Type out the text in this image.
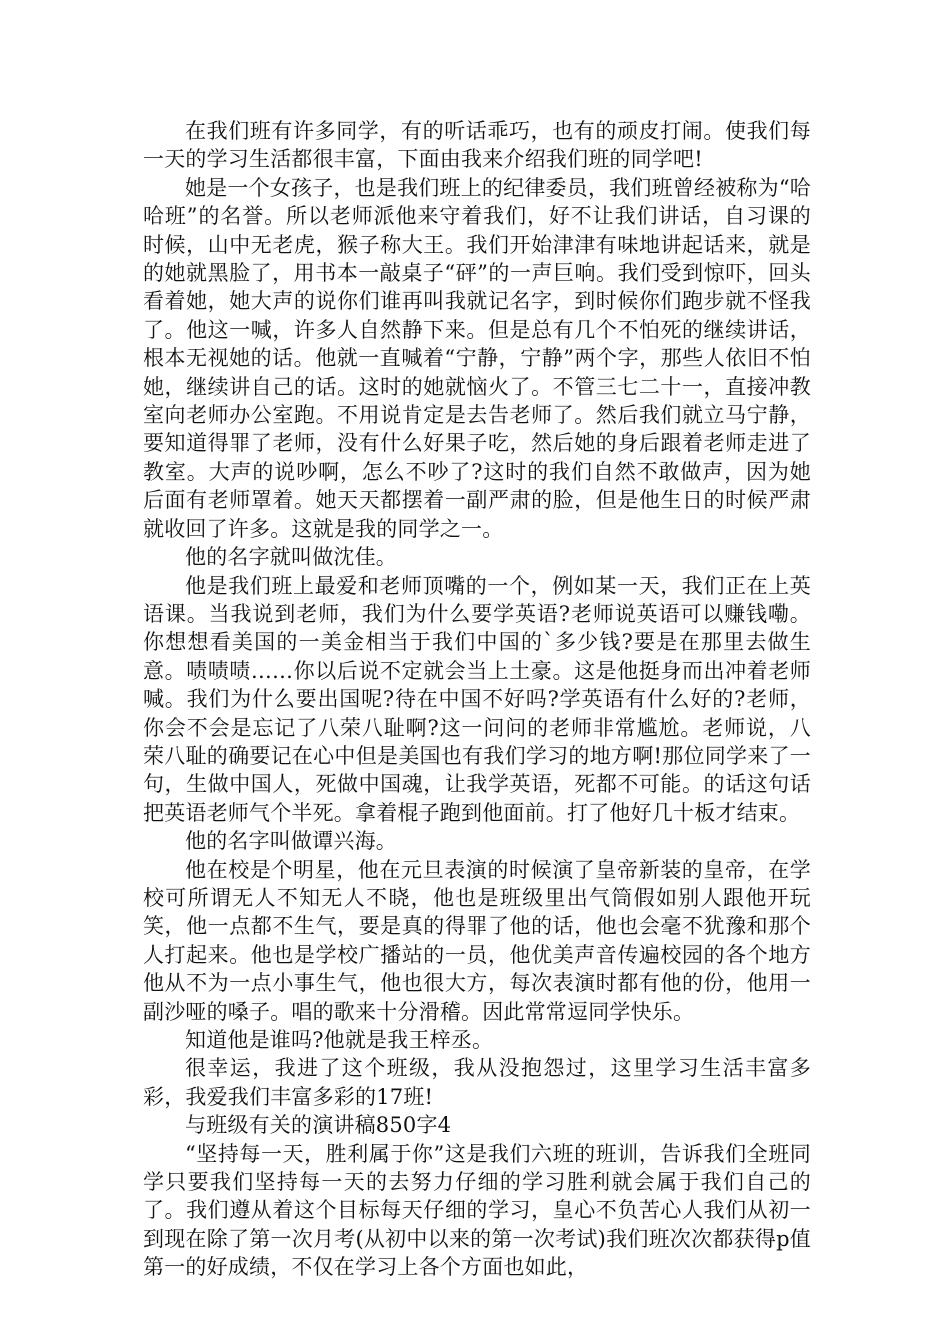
在我们班有许多同学，有的听话乖巧，也有的顽皮打闹。使我们每一天的学习生活都很丰富，下面由我来介绍我们班的同学吧!

她是一个女孩子，也是我们班上的纪律委员，我们班曾经被称为“哈哈班”的名誉。所以老师派他来守着我们，好不让我们讲话，自习课的时候，山中无老虎，猴子称大王。我们开始津津有味地讲起话来，就是的她就黑脸了，用书本一敲桌子“砰”的一声巨响。我们受到惊吓，回头看着她，她大声的说你们谁再叫我就记名字，到时候你们跑步就不怪我了。他这一喊，许多人自然静下来。但是总有几个不怕死的继续讲话，根本无视她的话。他就一直喊着“宁静，宁静”两个字，那些人依旧不怕她，继续讲自己的话。这时的她就恼火了。不管三七二十一，直接冲教室向老师办公室跑。不用说肯定是去告老师了。然后我们就立马宁静，要知道得罪了老师，没有什么好果子吃，然后她的身后跟着老师走进了教室。大声的说吵啊，怎么不吵了?这时的我们自然不敢做声，因为她后面有老师罩着。她天天都摆着一副严肃的脸，但是他生日的时候严肃就收回了许多。这就是我的同学之一。

他的名字就叫做沈佳。

他是我们班上最爱和老师顶嘴的一个，例如某一天，我们正在上英语课。当我说到老师，我们为什么要学英语?老师说英语可以赚钱嘞。你想想看美国的一美金相当于我们中国的`多少钱?要是在那里去做生意。啧啧啧……你以后说不定就会当上土豪。这是他挺身而出冲着老师喊。我们为什么要出国呢?待在中国不好吗?学英语有什么好的?老师，你会不会是忘记了八荣八耻啊?这一问问的老师非常尴尬。老师说，八荣八耻的确要记在心中但是美国也有我们学习的地方啊!那位同学来了一句，生做中国人，死做中国魂，让我学英语，死都不可能。的话这句话把英语老师气个半死。拿着棍子跑到他面前。打了他好几十板才结束。

他的名字叫做谭兴海。

他在校是个明星，他在元旦表演的时候演了皇帝新装的皇帝，在学校可所谓无人不知无人不晓，他也是班级里出气筒假如别人跟他开玩笑，他一点都不生气，要是真的得罪了他的话，他也会毫不犹豫和那个人打起来。他也是学校广播站的一员，他优美声音传遍校园的各个地方他从不为一点小事生气，他也很大方，每次表演时都有他的份，他用一副沙哑的嗓子。唱的歌来十分滑稽。因此常常逗同学快乐。

知道他是谁吗?他就是我王梓丞。

很幸运，我进了这个班级，我从没抱怨过，这里学习生活丰富多彩，我爱我们丰富多彩的17班!

与班级有关的演讲稿850字4

“坚持每一天，胜利属于你”这是我们六班的班训，告诉我们全班同学只要我们坚持每一天的去努力仔细的学习胜利就会属于我们自己的了。我们遵从着这个目标每天仔细的学习，皇心不负苦心人我们从初一到现在除了第一次月考(从初中以来的第一次考试)我们班次次都获得p值第一的好成绩，不仅在学习上各个方面也如此，
